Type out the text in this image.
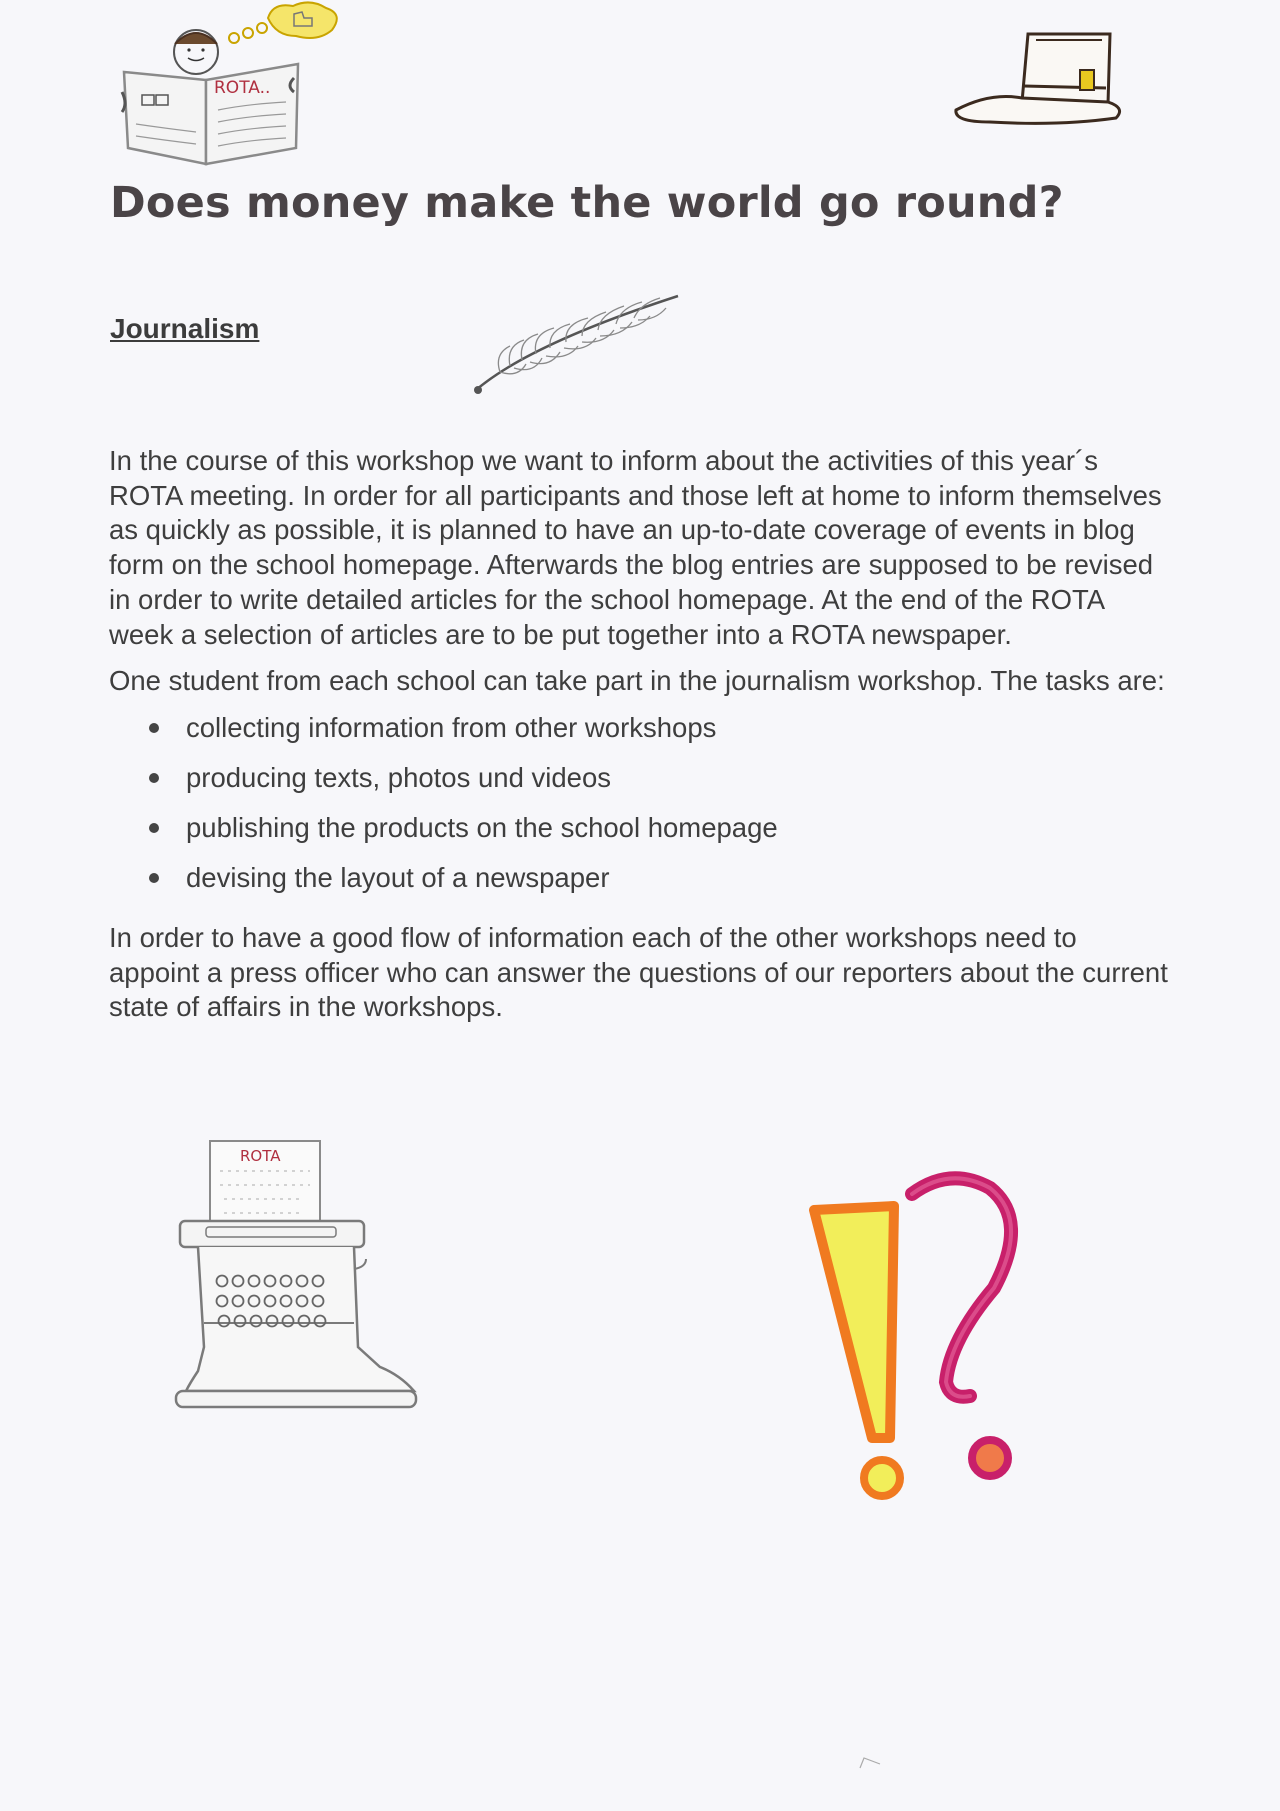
ROTA..
Does money make the world go round?
Journalism

In the course of this workshop we want to inform about the activities of this year´s ROTA meeting. In order for all participants and those left at home to inform themselves as quickly as possible, it is planned to have an up-to-date coverage of events in blog form on the school homepage. Afterwards the blog entries are supposed to be revised in order to write detailed articles for the school homepage. At the end of the ROTA week a selection of articles are to be put together into a ROTA newspaper.

One student from each school can take part in the journalism workshop. The tasks are:

collecting information from other workshops
producing texts, photos und videos
publishing the products on the school homepage
devising the layout of a newspaper

In order to have a good flow of information each of the other workshops need to appoint a press officer who can answer the questions of our reporters about the current state of affairs in the workshops.

ROTA
